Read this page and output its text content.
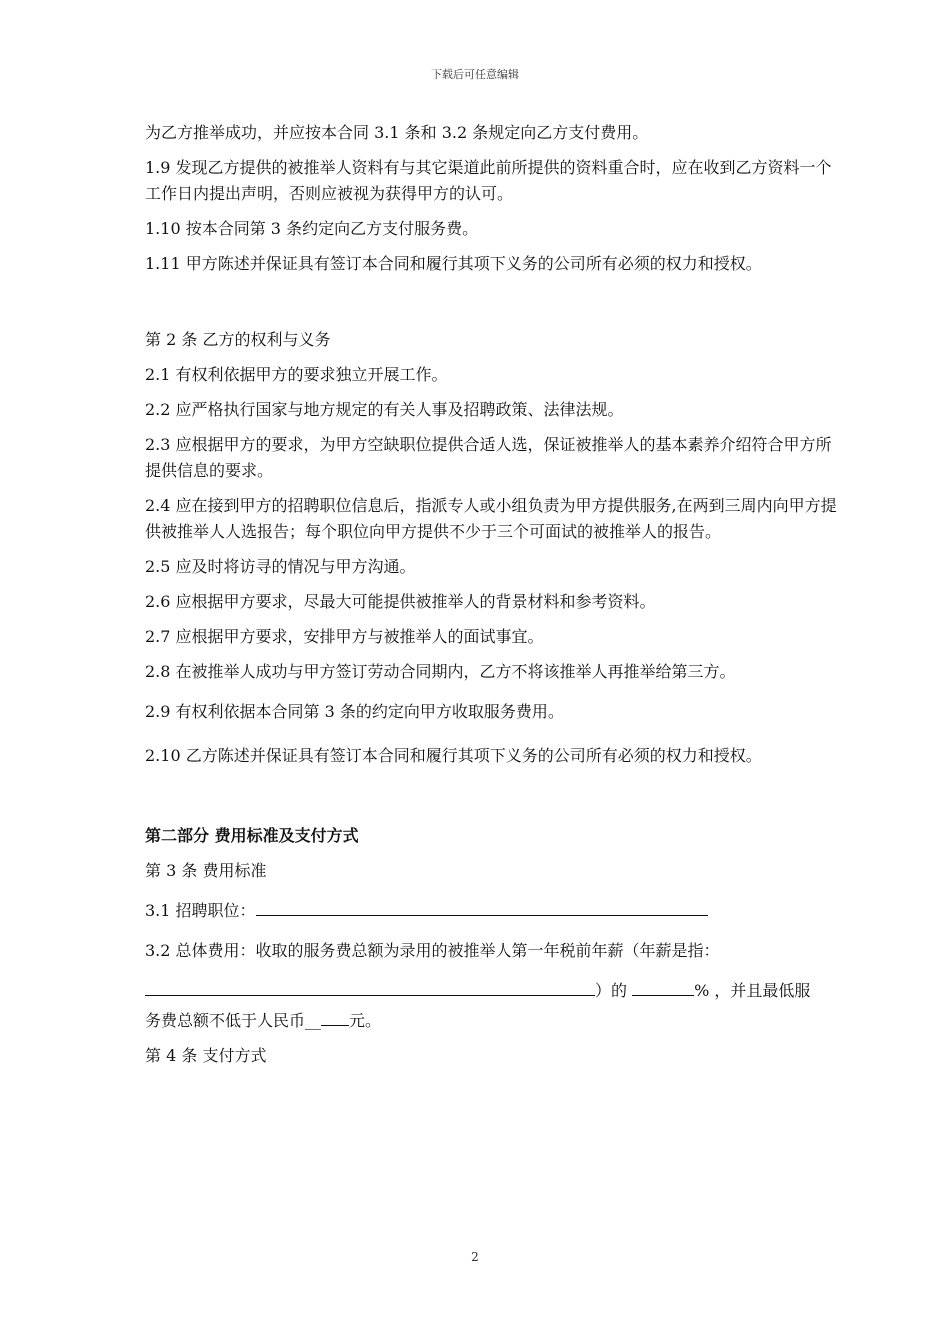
下载后可任意编辑

为乙方推举成功，并应按本合同 3.1 条和 3.2 条规定向乙方支付费用。

1.9 发现乙方提供的被推举人资料有与其它渠道此前所提供的资料重合时，应在收到乙方资料一个工作日内提出声明，否则应被视为获得甲方的认可。

1.10 按本合同第 3 条约定向乙方支付服务费。

1.11 甲方陈述并保证具有签订本合同和履行其项下义务的公司所有必须的权力和授权。

第 2 条 乙方的权利与义务

2.1 有权利依据甲方的要求独立开展工作。

2.2 应严格执行国家与地方规定的有关人事及招聘政策、法律法规。

2.3 应根据甲方的要求，为甲方空缺职位提供合适人选，保证被推举人的基本素养介绍符合甲方所提供信息的要求。

2.4 应在接到甲方的招聘职位信息后，指派专人或小组负责为甲方提供服务,在两到三周内向甲方提供被推举人人选报告；每个职位向甲方提供不少于三个可面试的被推举人的报告。

2.5 应及时将访寻的情况与甲方沟通。

2.6 应根据甲方要求，尽最大可能提供被推举人的背景材料和参考资料。

2.7 应根据甲方要求，安排甲方与被推举人的面试事宜。

2.8 在被推举人成功与甲方签订劳动合同期内，乙方不将该推举人再推举给第三方。

2.9 有权利依据本合同第 3 条的约定向甲方收取服务费用。

2.10 乙方陈述并保证具有签订本合同和履行其项下义务的公司所有必须的权力和授权。

第二部分 费用标准及支付方式

第 3 条 费用标准

3.1 招聘职位：

3.2 总体费用：收取的服务费总额为录用的被推举人第一年税前年薪（年薪是指：

）的	% ，并且最低服

务费总额不低于人民币__ 元。

第 4 条 支付方式

2
